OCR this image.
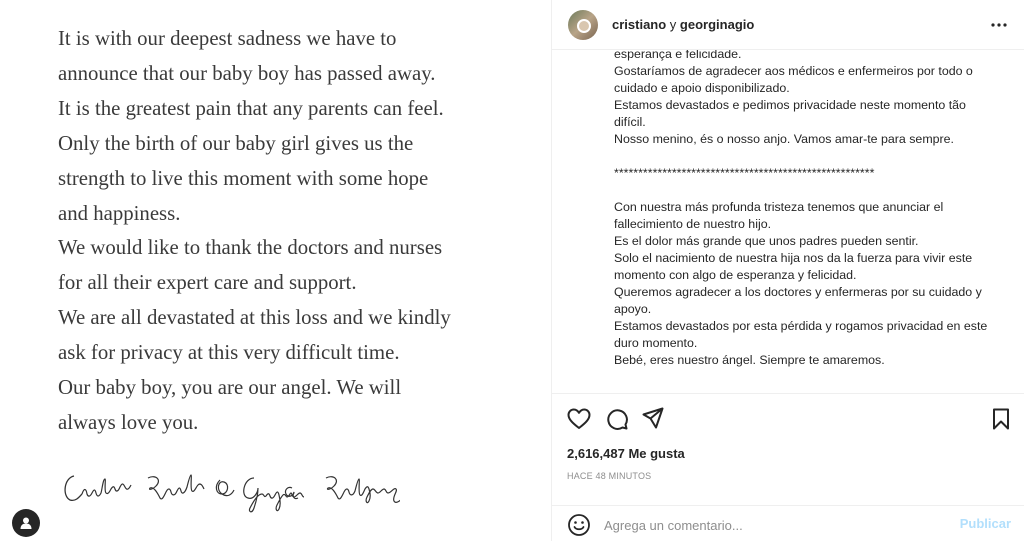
It is with our deepest sadness we have to

announce that our baby boy has passed away.

It is the greatest pain that any parents can feel.

Only the birth of our baby girl gives us the

strength to live this moment with some hope

and happiness.

We would like to thank the doctors and nurses

for all their expert care and support.

We are all devastated at this loss and we kindly

ask for privacy at this very difficult time.

Our baby boy, you are our angel. We will

always love you.

cristiano y georginagio
esperança e felicidade.
Gostaríamos de agradecer aos médicos e enfermeiros por todo o
cuidado e apoio disponibilizado.
Estamos devastados e pedimos privacidade neste momento tão
difícil.
Nosso menino, és o nosso anjo. Vamos amar-te para sempre.
******************************************************
Con nuestra más profunda tristeza tenemos que anunciar el
fallecimiento de nuestro hijo.
Es el dolor más grande que unos padres pueden sentir.
Solo el nacimiento de nuestra hija nos da la fuerza para vivir este
momento con algo de esperanza y felicidad.
Queremos agradecer a los doctores y enfermeras por su cuidado y
apoyo.
Estamos devastados por esta pérdida y rogamos privacidad en este
duro momento.
Bebé, eres nuestro ángel. Siempre te amaremos.
2,616,487 Me gusta
HACE 48 MINUTOS
Agrega un comentario...
Publicar
